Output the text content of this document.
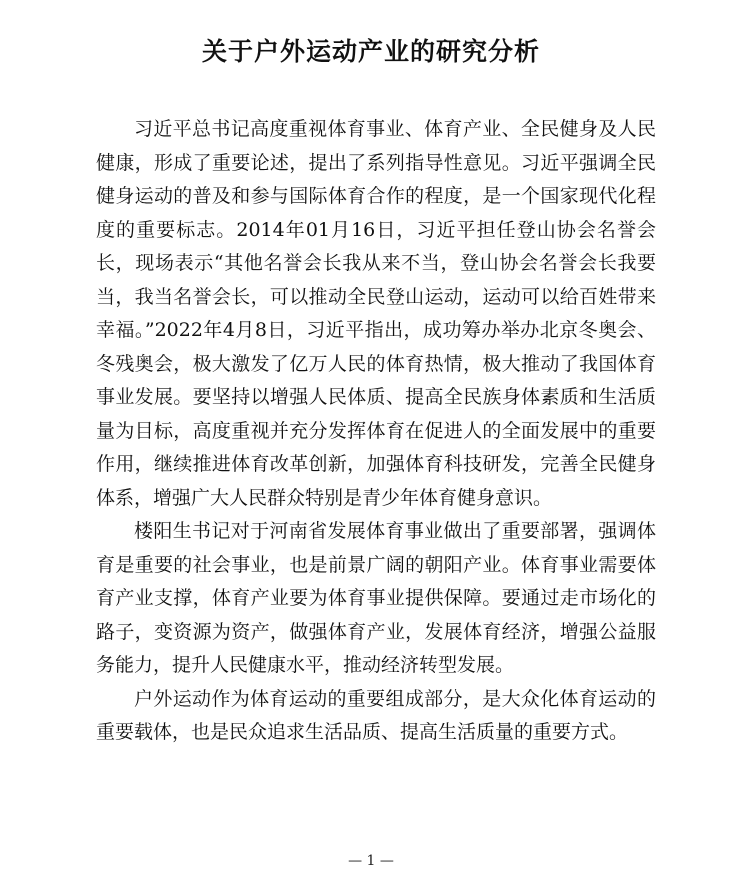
关于户外运动产业的研究分析

习近平总书记高度重视体育事业、体育产业、全民健身及人民健康，形成了重要论述，提出了系列指导性意见。习近平强调全民健身运动的普及和参与国际体育合作的程度，是一个国家现代化程度的重要标志。2014年01月16日，习近平担任登山协会名誉会长，现场表示“其他名誉会长我从来不当，登山协会名誉会长我要当，我当名誉会长，可以推动全民登山运动，运动可以给百姓带来幸福。”2022年4月8日，习近平指出，成功筹办举办北京冬奥会、冬残奥会，极大激发了亿万人民的体育热情，极大推动了我国体育事业发展。要坚持以增强人民体质、提高全民族身体素质和生活质量为目标，高度重视并充分发挥体育在促进人的全面发展中的重要作用，继续推进体育改革创新，加强体育科技研发，完善全民健身体系，增强广大人民群众特别是青少年体育健身意识。

楼阳生书记对于河南省发展体育事业做出了重要部署，强调体育是重要的社会事业，也是前景广阔的朝阳产业。体育事业需要体育产业支撑，体育产业要为体育事业提供保障。要通过走市场化的路子，变资源为资产，做强体育产业，发展体育经济，增强公益服务能力，提升人民健康水平，推动经济转型发展。

户外运动作为体育运动的重要组成部分，是大众化体育运动的重要载体，也是民众追求生活品质、提高生活质量的重要方式。

— 1 —
